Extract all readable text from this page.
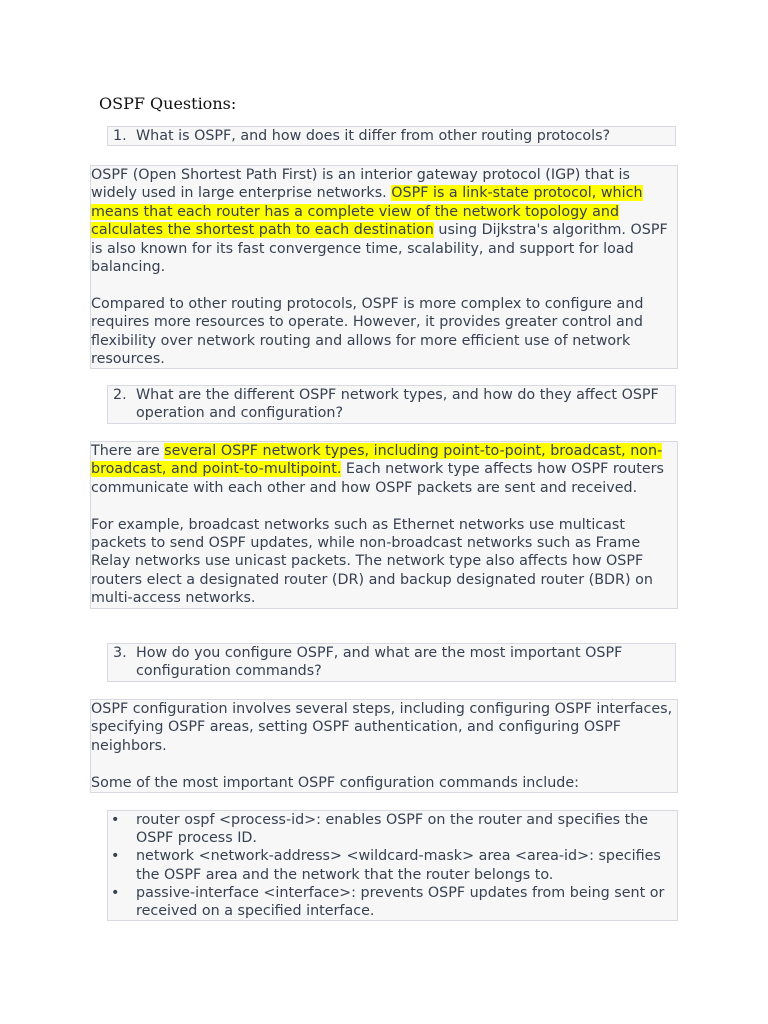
OSPF Questions:
1. What is OSPF, and how does it differ from other routing protocols?

OSPF (Open Shortest Path First) is an interior gateway protocol (IGP) that is widely used in large enterprise networks. OSPF is a link-state protocol, which means that each router has a complete view of the network topology and calculates the shortest path to each destination using Dijkstra's algorithm. OSPF is also known for its fast convergence time, scalability, and support for load balancing.

Compared to other routing protocols, OSPF is more complex to configure and requires more resources to operate. However, it provides greater control and flexibility over network routing and allows for more efficient use of network resources.

2. What are the different OSPF network types, and how do they affect OSPF operation and configuration?

There are several OSPF network types, including point-to-point, broadcast, non-broadcast, and point-to-multipoint. Each network type affects how OSPF routers communicate with each other and how OSPF packets are sent and received.

For example, broadcast networks such as Ethernet networks use multicast packets to send OSPF updates, while non-broadcast networks such as Frame Relay networks use unicast packets. The network type also affects how OSPF routers elect a designated router (DR) and backup designated router (BDR) on multi-access networks.

3. How do you configure OSPF, and what are the most important OSPF configuration commands?

OSPF configuration involves several steps, including configuring OSPF interfaces, specifying OSPF areas, setting OSPF authentication, and configuring OSPF neighbors.

Some of the most important OSPF configuration commands include:

•	router ospf <process-id>: enables OSPF on the router and specifies the OSPF process ID.
•	network <network-address> <wildcard-mask> area <area-id>: specifies the OSPF area and the network that the router belongs to.
•	passive-interface <interface>: prevents OSPF updates from being sent or received on a specified interface.
